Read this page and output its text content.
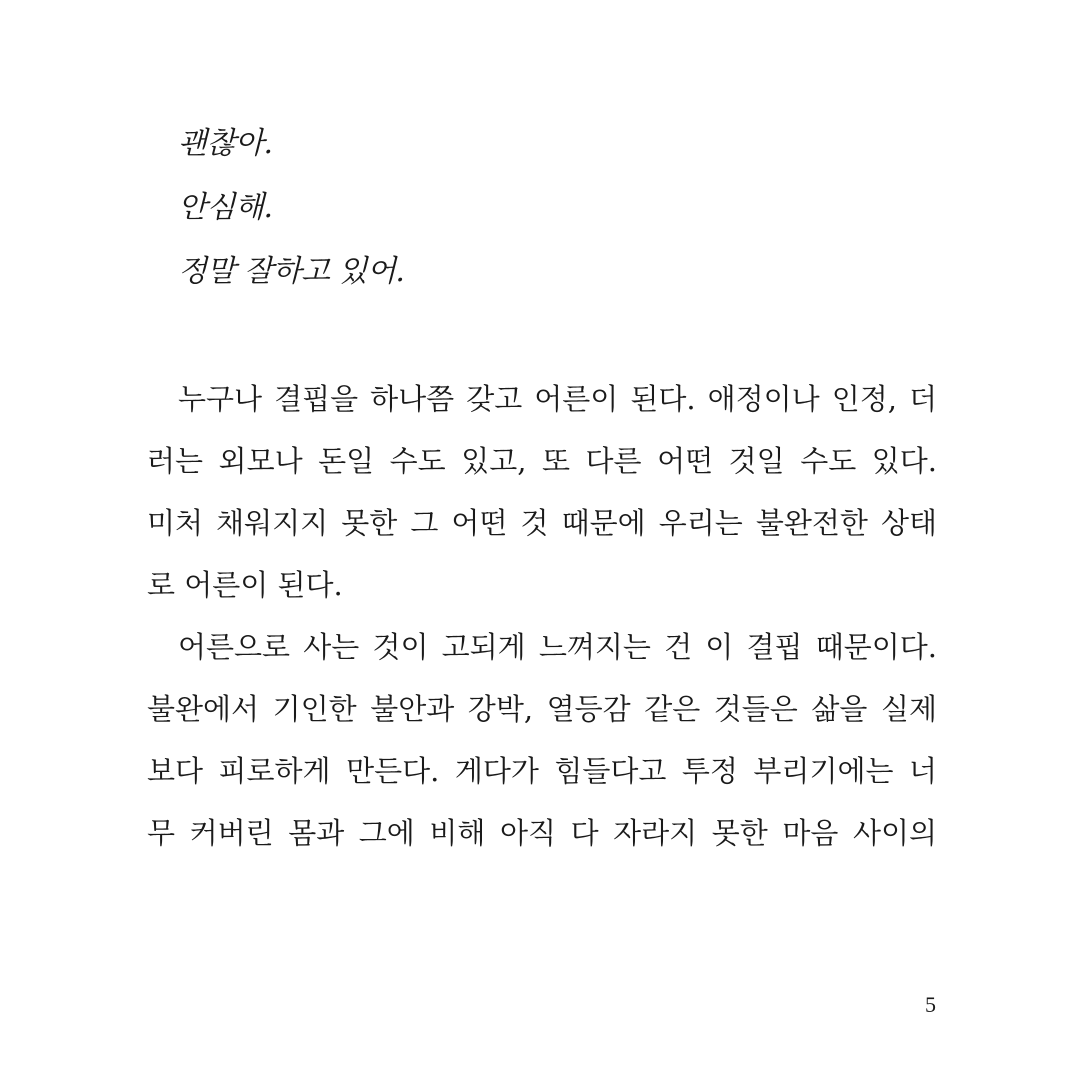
괜찮아.
안심해.
정말 잘하고 있어.
누구나 결핍을 하나쯤 갖고 어른이 된다. 애정이나 인정, 더
러는 외모나 돈일 수도 있고, 또 다른 어떤 것일 수도 있다.
미처 채워지지 못한 그 어떤 것 때문에 우리는 불완전한 상태
로 어른이 된다.
어른으로 사는 것이 고되게 느껴지는 건 이 결핍 때문이다.
불완에서 기인한 불안과 강박, 열등감 같은 것들은 삶을 실제
보다 피로하게 만든다. 게다가 힘들다고 투정 부리기에는 너
무 커버린 몸과 그에 비해 아직 다 자라지 못한 마음 사이의
5
